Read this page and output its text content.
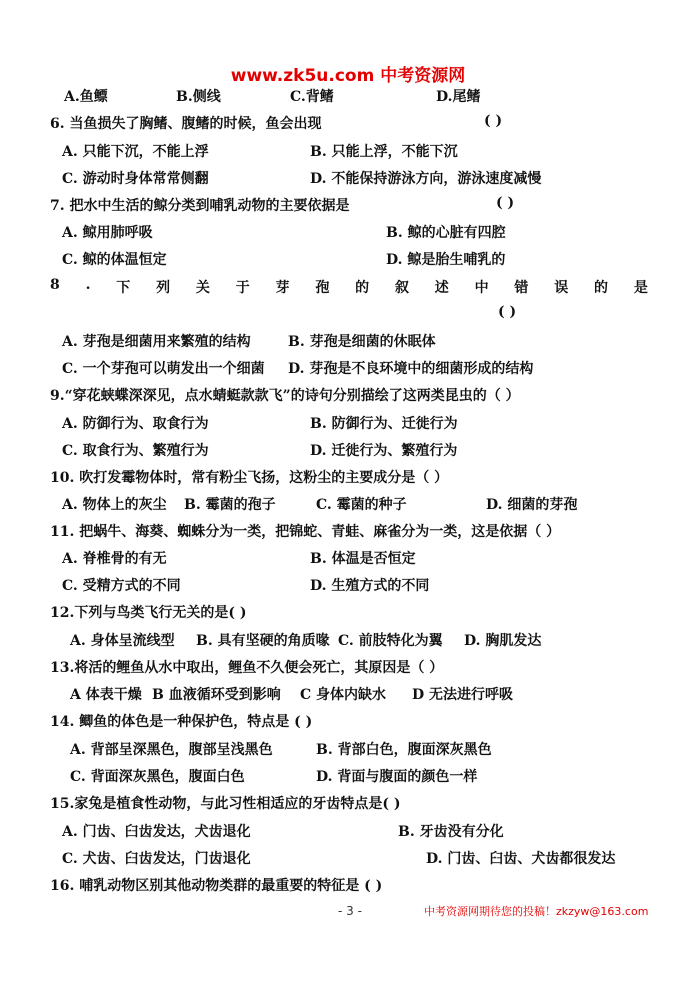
www.zk5u.com 中考资源网
A.鱼鳔	B.侧线	C.背鳍	D.尾鳍
6. 当鱼损失了胸鳍、腹鳍的时候，鱼会出现	( )
A. 只能下沉，不能上浮	B. 只能上浮，不能下沉
C. 游动时身体常常侧翻	D. 不能保持游泳方向，游泳速度减慢
7. 把水中生活的鲸分类到哺乳动物的主要依据是	( )
A. 鲸用肺呼吸	B. 鲸的心脏有四腔
C. 鲸的体温恒定	D. 鲸是胎生哺乳的
8 . 下 列 关 于 芽 孢 的 叙 述 中 错 误 的 是
( )
A. 芽孢是细菌用来繁殖的结构	B. 芽孢是细菌的休眠体
C. 一个芽孢可以萌发出一个细菌 D. 芽孢是不良环境中的细菌形成的结构
9.“穿花蛱蝶深深见，点水蜻蜓款款飞”的诗句分别描绘了这两类昆虫的（ ）
A. 防御行为、取食行为	B. 防御行为、迁徙行为
C. 取食行为、繁殖行为	D. 迁徙行为、繁殖行为
10. 吹打发霉物体时，常有粉尘飞扬，这粉尘的主要成分是（ ）
A. 物体上的灰尘 B. 霉菌的孢子	C. 霉菌的种子	D. 细菌的芽孢
11. 把蜗牛、海葵、蜘蛛分为一类，把锦蛇、青蛙、麻雀分为一类，这是依据（ ）
A. 脊椎骨的有无	B. 体温是否恒定
C. 受精方式的不同	D. 生殖方式的不同
12.下列与鸟类飞行无关的是( )
A. 身体呈流线型 B. 具有坚硬的角质喙 C. 前肢特化为翼 D. 胸肌发达
13.将活的鲤鱼从水中取出，鲤鱼不久便会死亡，其原因是（ ）
A 体表干燥 B 血液循环受到影响 C 身体内缺水 D 无法进行呼吸
14. 鲫鱼的体色是一种保护色，特点是 ( )
A. 背部呈深黑色，腹部呈浅黑色	B. 背部白色，腹面深灰黑色
C. 背面深灰黑色，腹面白色	D. 背面与腹面的颜色一样
15.家兔是植食性动物，与此习性相适应的牙齿特点是( )
A. 门齿、臼齿发达，犬齿退化	B. 牙齿没有分化
C. 犬齿、臼齿发达，门齿退化	D. 门齿、臼齿、犬齿都很发达
16. 哺乳动物区别其他动物类群的最重要的特征是 ( )
- 3 -	中考资源网期待您的投稿！zkzyw@163.com
